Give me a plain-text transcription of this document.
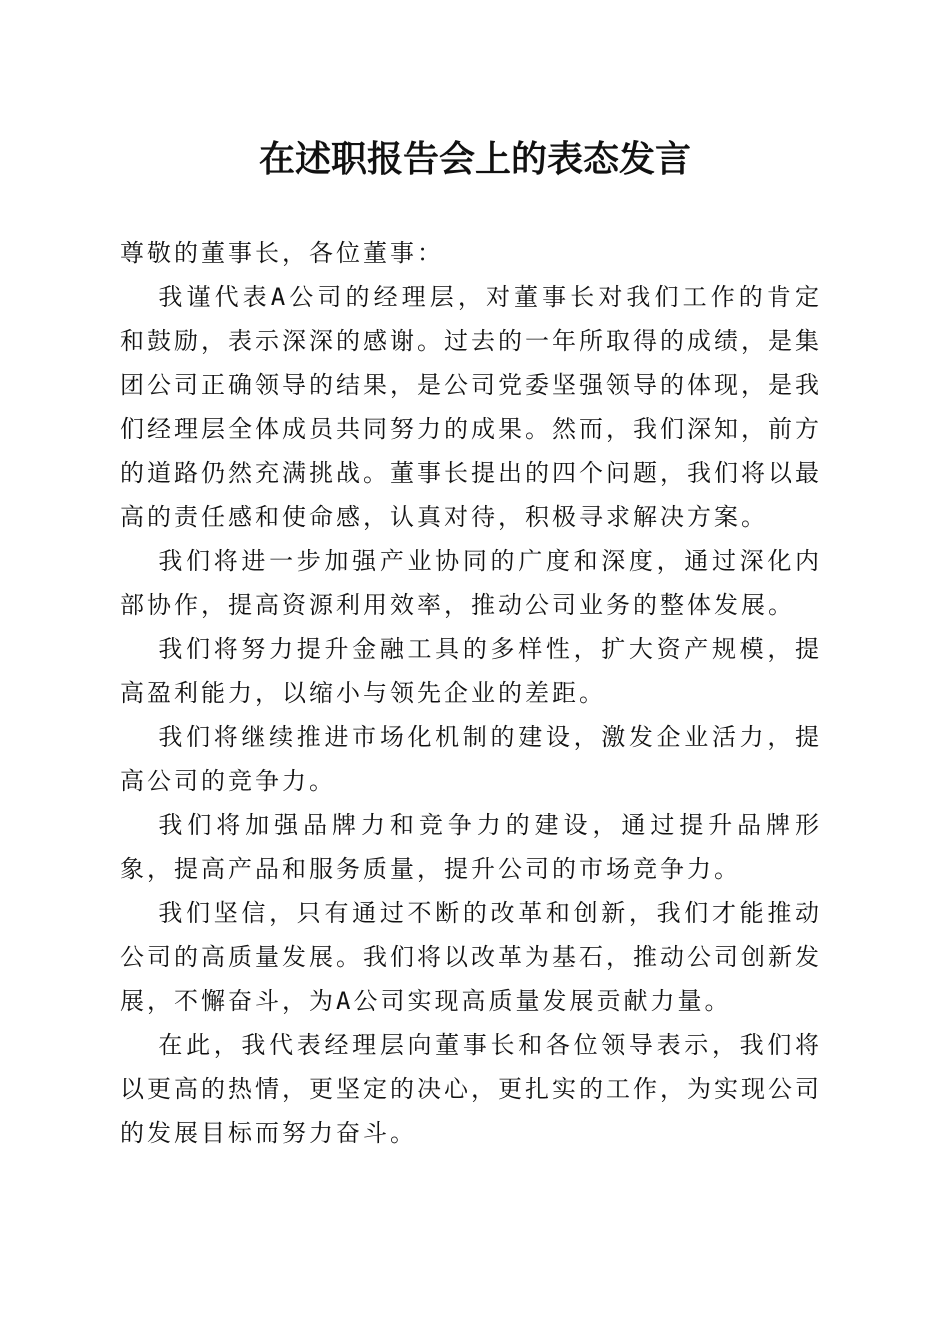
在述职报告会上的表态发言

尊敬的董事长，各位董事：

我谨代表A公司的经理层，对董事长对我们工作的肯定和鼓励，表示深深的感谢。过去的一年所取得的成绩，是集团公司正确领导的结果，是公司党委坚强领导的体现，是我们经理层全体成员共同努力的成果。然而，我们深知，前方的道路仍然充满挑战。董事长提出的四个问题，我们将以最高的责任感和使命感，认真对待，积极寻求解决方案。

我们将进一步加强产业协同的广度和深度，通过深化内部协作，提高资源利用效率，推动公司业务的整体发展。

我们将努力提升金融工具的多样性，扩大资产规模，提高盈利能力，以缩小与领先企业的差距。

我们将继续推进市场化机制的建设，激发企业活力，提高公司的竞争力。

我们将加强品牌力和竞争力的建设，通过提升品牌形象，提高产品和服务质量，提升公司的市场竞争力。

我们坚信，只有通过不断的改革和创新，我们才能推动公司的高质量发展。我们将以改革为基石，推动公司创新发展，不懈奋斗，为A公司实现高质量发展贡献力量。

在此，我代表经理层向董事长和各位领导表示，我们将以更高的热情，更坚定的决心，更扎实的工作，为实现公司的发展目标而努力奋斗。
